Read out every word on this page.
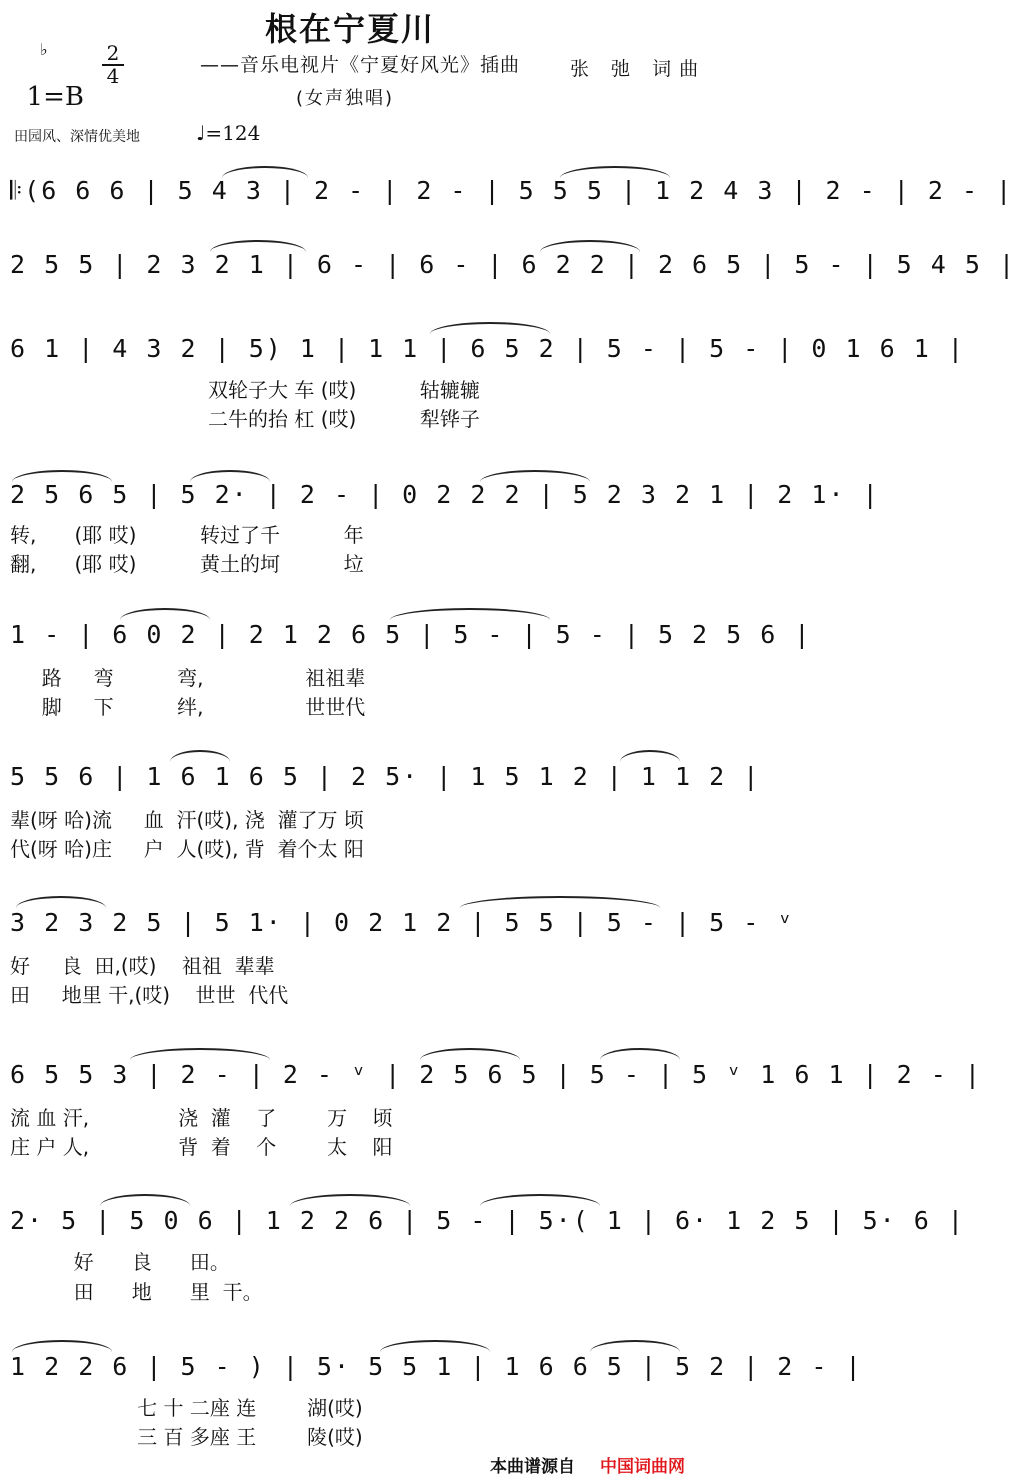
根在宁夏川

1=B

♭	2
4	——音乐电视片《宁夏好风光》插曲	张 弛 词曲
(女声独唱)
田园风、深情优美地	♩=124
𝄆(6 6 6 | 5 4 3 | 2 - | 2 - | 5 5 5 | 1 2 4 3 | 2 - | 2 - |
2 5 5 | 2 3 2 1 | 6 - | 6 - | 6 2 2 | 2 6 5 | 5 - | 5 4 5 |
6 1 | 4 3 2 | 5) 1 | 1 1 | 6 5 2 | 5 - | 5 - | 0 1 6 1 |
双轮子大 车 (哎)          轱辘辘
二牛的抬 杠 (哎)          犁铧子
2 5 6 5 | 5 2· | 2 - | 0 2 2 2 | 5 2 3 2 1 | 2 1· |
转,      (耶 哎)          转过了千          年
翻,      (耶 哎)          黄土的坷          垃
1 - | 6 0 2 | 2 1 2 6 5 | 5 - | 5 - | 5 2 5 6 |
路     弯          弯,                祖祖辈
脚     下          绊,                世世代
5 5 6 | 1 6 1 6 5 | 2 5· | 1 5 1 2 | 1 1 2 |
辈(呀 哈)流     血  汗(哎), 浇  灌了万 顷
代(呀 哈)庄     户  人(哎), 背  着个太 阳
3 2 3 2 5 | 5 1· | 0 2 1 2 | 5 5 | 5 - | 5 - ᵛ
好     良  田,(哎)    祖祖  辈辈
田     地里 干,(哎)    世世  代代
6 5 5 3 | 2 - | 2 - ᵛ | 2 5 6 5 | 5 - | 5 ᵛ 1 6 1 | 2 - |
流 血 汗,              浇  灌    了        万    顷
庄 户 人,              背  着    个        太    阳
2· 5 | 5 0 6 | 1 2 2 6 | 5 - | 5·( 1 | 6· 1 2 5 | 5· 6 |
好      良      田。
田      地      里  干。
1 2 2 6 | 5 - ) | 5· 5 5 1 | 1 6 6 5 | 5 2 | 2 - |
七 十 二座 连        湖(哎)
三 百 多座 王        陵(哎)
本曲谱源自 中国词曲网
